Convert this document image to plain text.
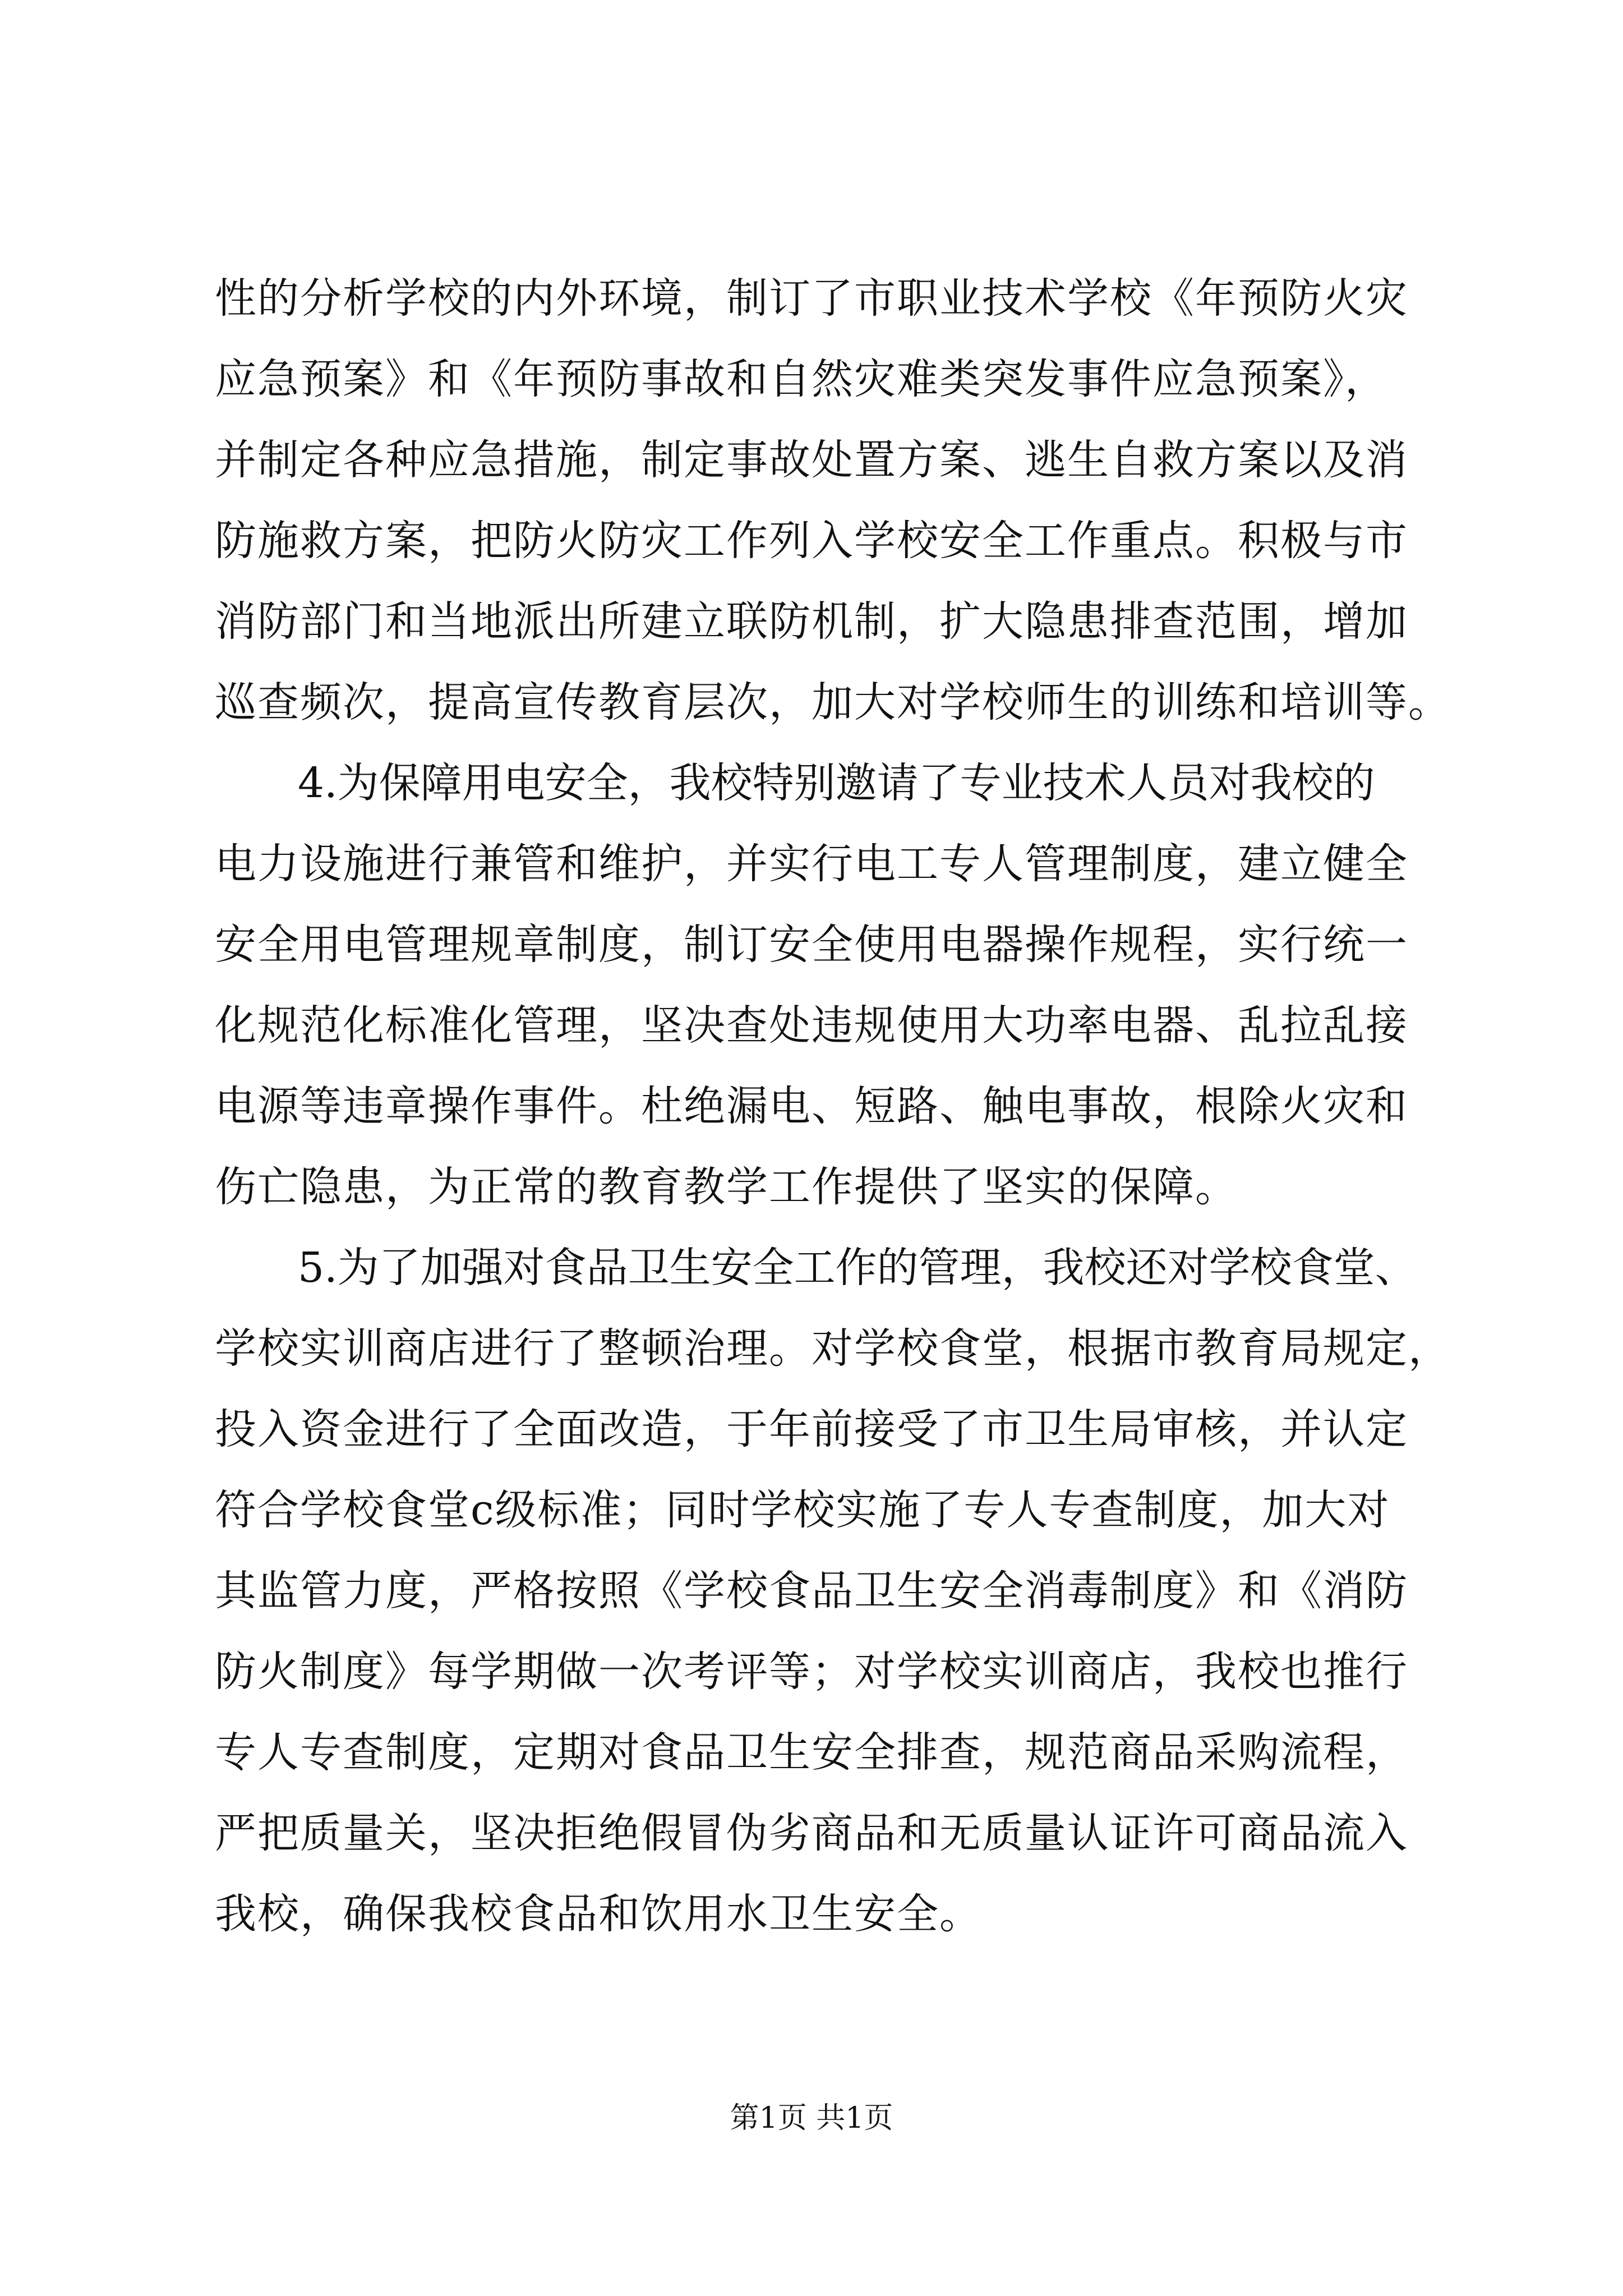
性的分析学校的内外环境，制订了市职业技术学校《年预防火灾
应急预案》和《年预防事故和自然灾难类突发事件应急预案》，
并制定各种应急措施，制定事故处置方案、逃生自救方案以及消
防施救方案，把防火防灾工作列入学校安全工作重点。积极与市
消防部门和当地派出所建立联防机制，扩大隐患排查范围，增加
巡查频次，提高宣传教育层次，加大对学校师生的训练和培训等。
4.为保障用电安全，我校特别邀请了专业技术人员对我校的
电力设施进行兼管和维护，并实行电工专人管理制度，建立健全
安全用电管理规章制度，制订安全使用电器操作规程，实行统一
化规范化标准化管理，坚决查处违规使用大功率电器、乱拉乱接
电源等违章操作事件。杜绝漏电、短路、触电事故，根除火灾和
伤亡隐患，为正常的教育教学工作提供了坚实的保障。
5.为了加强对食品卫生安全工作的管理，我校还对学校食堂、
学校实训商店进行了整顿治理。对学校食堂，根据市教育局规定，
投入资金进行了全面改造，于年前接受了市卫生局审核，并认定
符合学校食堂c级标准；同时学校实施了专人专查制度，加大对
其监管力度，严格按照《学校食品卫生安全消毒制度》和《消防
防火制度》每学期做一次考评等；对学校实训商店，我校也推行
专人专查制度，定期对食品卫生安全排查，规范商品采购流程，
严把质量关，坚决拒绝假冒伪劣商品和无质量认证许可商品流入
我校，确保我校食品和饮用水卫生安全。
第1页 共1页
